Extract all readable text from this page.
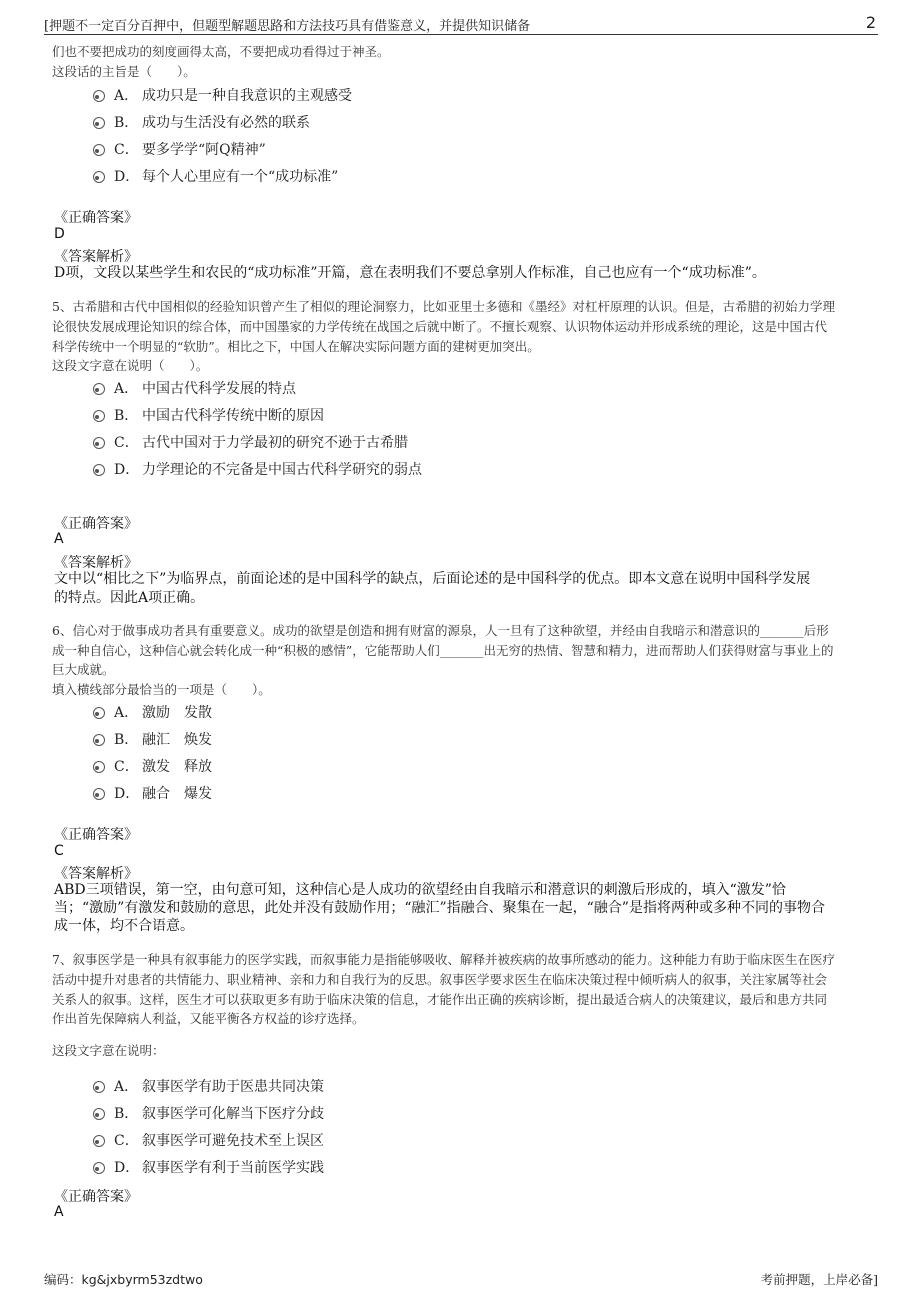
[押题不一定百分百押中，但题型解题思路和方法技巧具有借鉴意义，并提供知识储备	2
们也不要把成功的刻度画得太高，不要把成功看得过于神圣。
这段话的主旨是（　　）。
A． 成功只是一种自我意识的主观感受
B． 成功与生活没有必然的联系
C． 要多学学“阿Q精神”
D． 每个人心里应有一个“成功标准”
《正确答案》
D
《答案解析》
D项，文段以某些学生和农民的“成功标准”开篇，意在表明我们不要总拿别人作标准，自己也应有一个“成功标准”。
5、古希腊和古代中国相似的经验知识曾产生了相似的理论洞察力，比如亚里士多德和《墨经》对杠杆原理的认识。但是，古希腊的初始力学理
论很快发展成理论知识的综合体，而中国墨家的力学传统在战国之后就中断了。不擅长观察、认识物体运动并形成系统的理论，这是中国古代
科学传统中一个明显的“软肋”。相比之下，中国人在解决实际问题方面的建树更加突出。
这段文字意在说明（　　）。
A． 中国古代科学发展的特点
B． 中国古代科学传统中断的原因
C． 古代中国对于力学最初的研究不逊于古希腊
D． 力学理论的不完备是中国古代科学研究的弱点
《正确答案》
A
《答案解析》
文中以“相比之下”为临界点，前面论述的是中国科学的缺点，后面论述的是中国科学的优点。即本文意在说明中国科学发展
的特点。因此A项正确。
6、信心对于做事成功者具有重要意义。成功的欲望是创造和拥有财富的源泉，人一旦有了这种欲望，并经由自我暗示和潜意识的_______后形
成一种自信心，这种信心就会转化成一种“积极的感情”，它能帮助人们_______出无穷的热情、智慧和精力，进而帮助人们获得财富与事业上的
巨大成就。
填入横线部分最恰当的一项是（　　）。
A． 激励　发散
B． 融汇　焕发
C． 激发　释放
D． 融合　爆发
《正确答案》
C
《答案解析》
ABD三项错误，第一空，由句意可知，这种信心是人成功的欲望经由自我暗示和潜意识的刺激后形成的，填入“激发”恰
当；“激励”有激发和鼓励的意思，此处并没有鼓励作用；“融汇”指融合、聚集在一起，“融合”是指将两种或多种不同的事物合
成一体，均不合语意。
7、叙事医学是一种具有叙事能力的医学实践，而叙事能力是指能够吸收、解释并被疾病的故事所感动的能力。这种能力有助于临床医生在医疗
活动中提升对患者的共情能力、职业精神、亲和力和自我行为的反思。叙事医学要求医生在临床决策过程中倾听病人的叙事，关注家属等社会
关系人的叙事。这样，医生才可以获取更多有助于临床决策的信息，才能作出正确的疾病诊断，提出最适合病人的决策建议，最后和患方共同
作出首先保障病人利益，又能平衡各方权益的诊疗选择。
这段文字意在说明：
A． 叙事医学有助于医患共同决策
B． 叙事医学可化解当下医疗分歧
C． 叙事医学可避免技术至上误区
D． 叙事医学有利于当前医学实践
《正确答案》
A
编码：kg&jxbyrm53zdtwo	考前押题，上岸必备]
